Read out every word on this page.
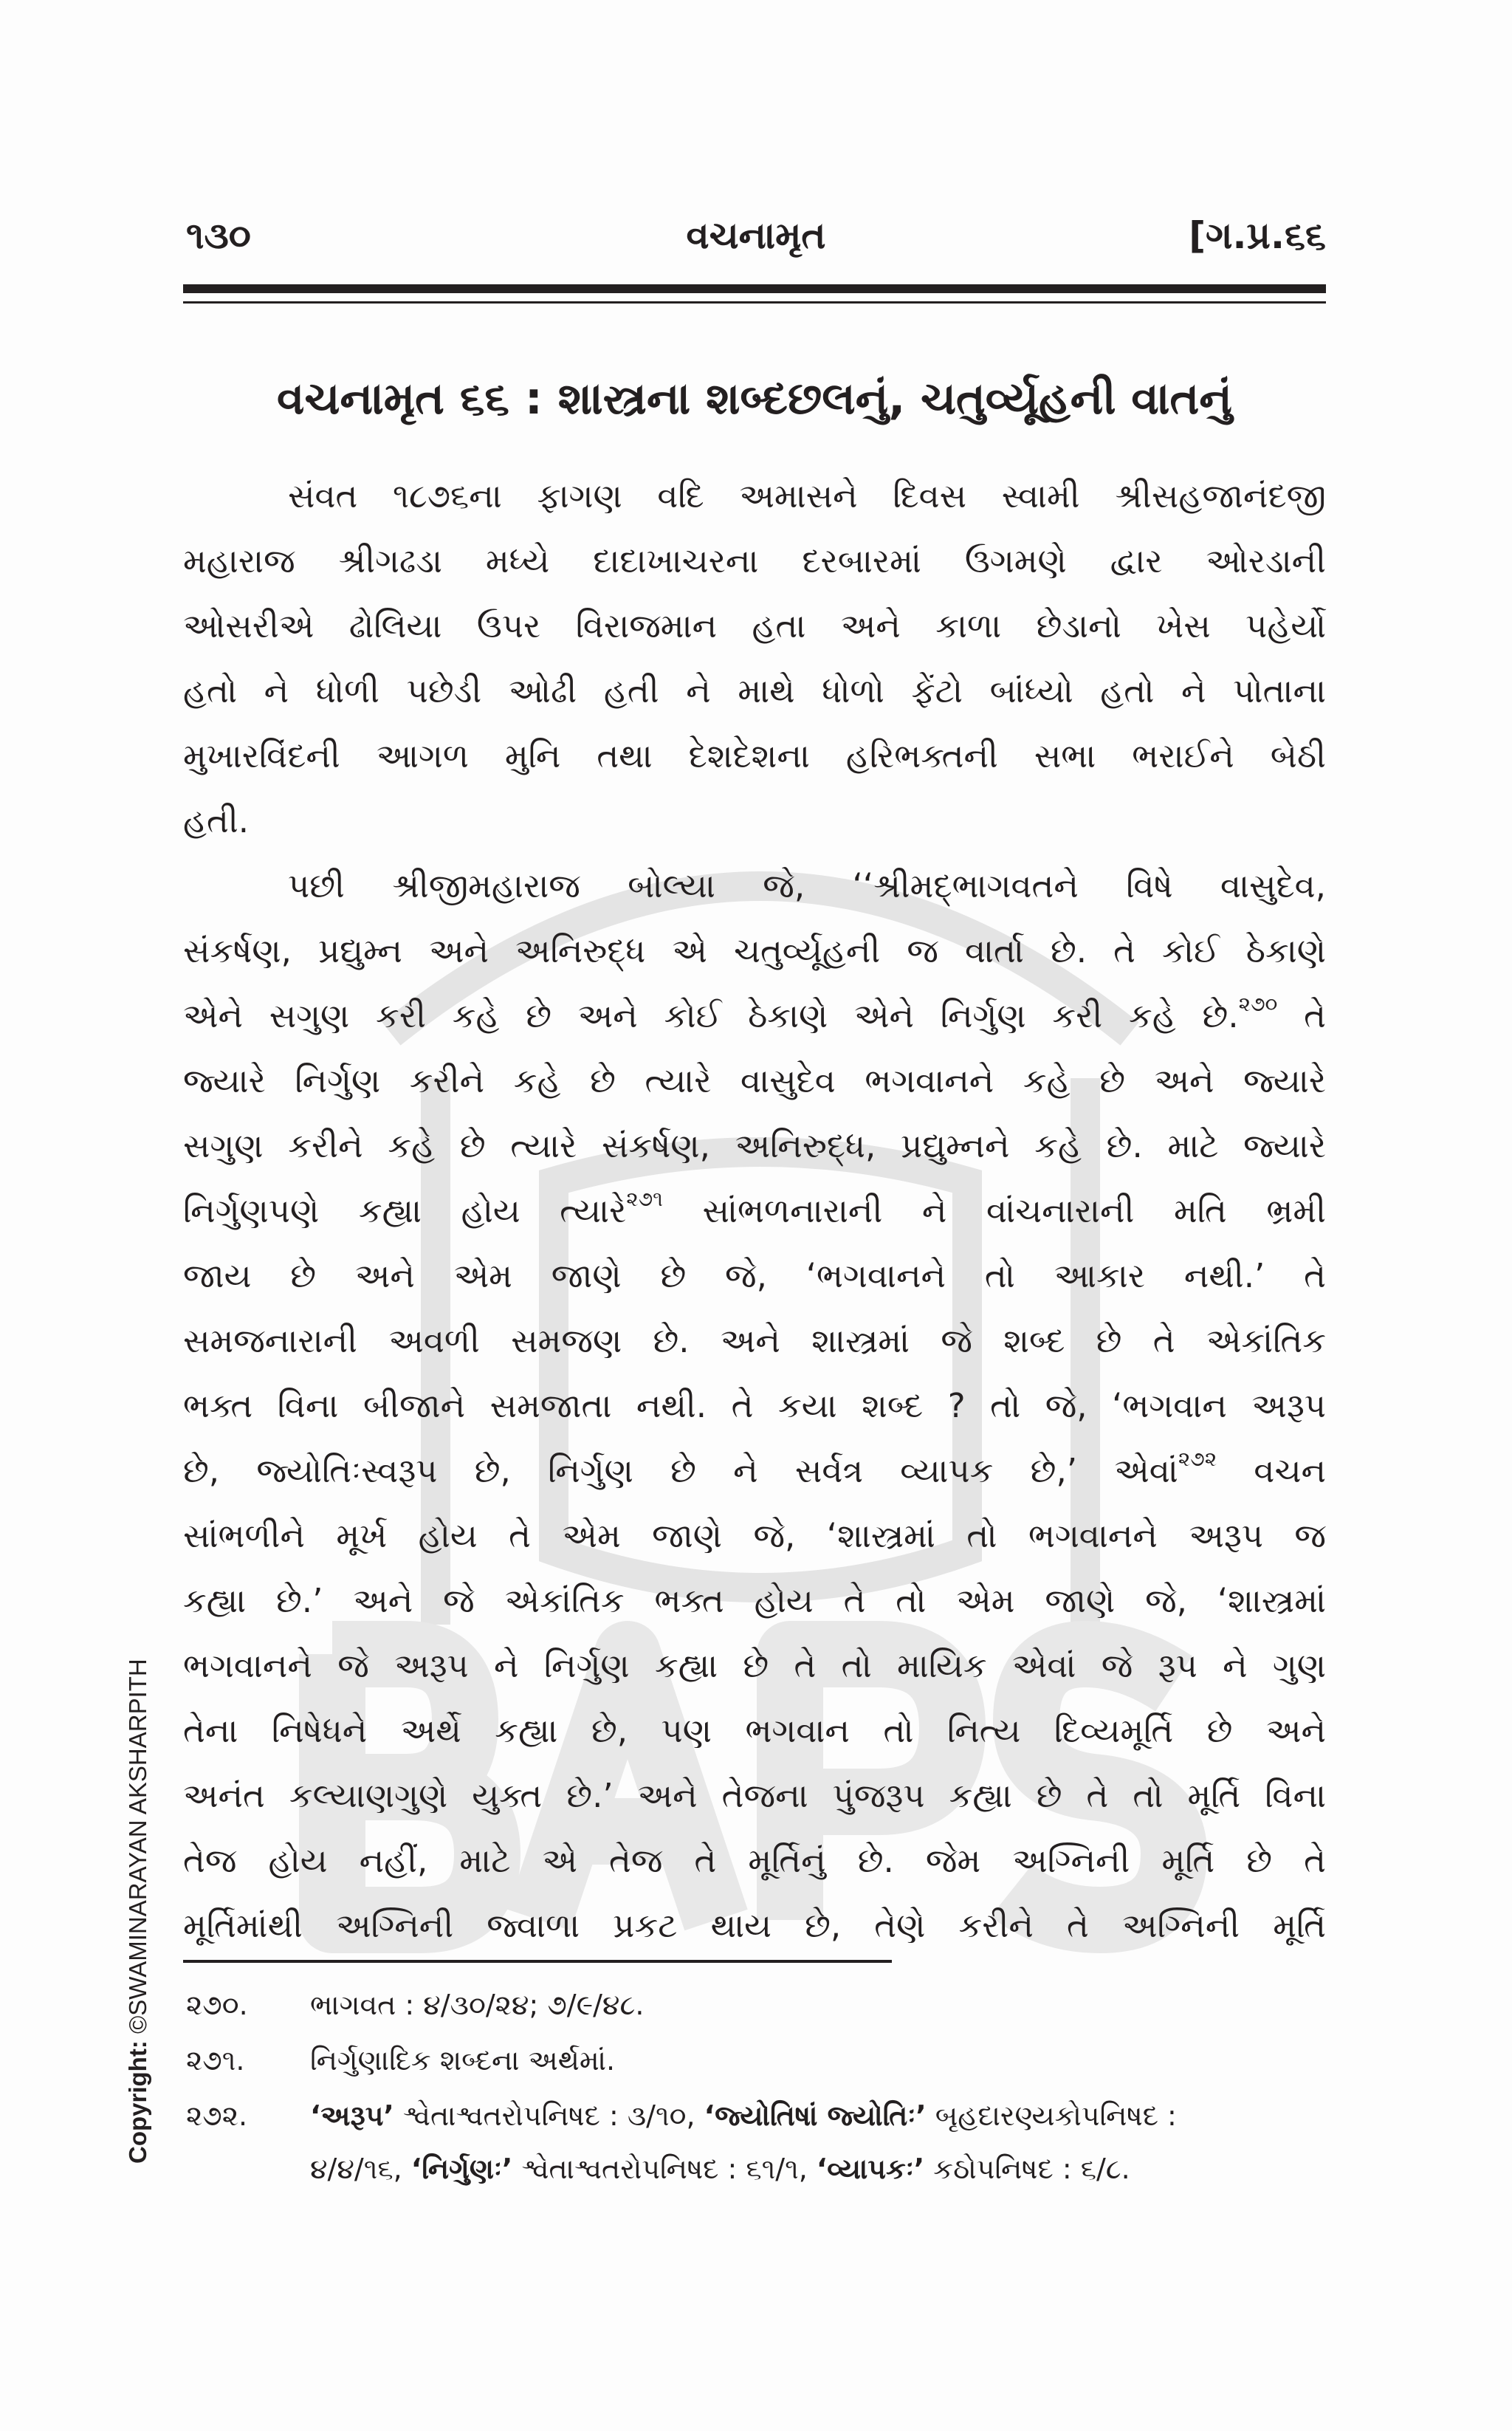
૧૩૦	વચનામૃત	[ગ.પ્ર.૬૬
વચનામૃત ૬૬ : શાસ્ત્રના શબ્દછલનું, ચતુર્વ્યૂહની વાતનું
સંવત ૧૮૭૬ના ફાગણ વદિ અમાસને દિવસ સ્વામી શ્રીસહજાનંદજી
મહારાજ શ્રીગઢડા મધ્યે દાદાખાચરના દરબારમાં ઉગમણે દ્વાર ઓરડાની
ઓસરીએ ઢોલિયા ઉપર વિરાજમાન હતા અને કાળા છેડાનો ખેસ પહેર્યો
હતો ને ધોળી પછેડી ઓઢી હતી ને માથે ધોળો ફેંટો બાંધ્યો હતો ને પોતાના
મુખારવિંદની આગળ મુનિ તથા દેશદેશના હરિભક્તની સભા ભરાઈને બેઠી
હતી.
પછી શ્રીજીમહારાજ બોલ્યા જે, ‘‘શ્રીમદ્‌ભાગવતને વિષે વાસુદેવ,
સંકર્ષણ, પ્રદ્યુમ્ન અને અનિરુદ્ધ એ ચતુર્વ્યૂહની જ વાર્તા છે. તે કોઈ ઠેકાણે
એને સગુણ કરી કહે છે અને કોઈ ઠેકાણે એને નિર્ગુણ કરી કહે છે.$^{૨૭૦}$ તે
જ્યારે નિર્ગુણ કરીને કહે છે ત્યારે વાસુદેવ ભગવાનને કહે છે અને જ્યારે
સગુણ કરીને કહે છે ત્યારે સંકર્ષણ, અનિરુદ્ધ, પ્રદ્યુમ્નને કહે છે. માટે જ્યારે
નિર્ગુણપણે કહ્યા હોય ત્યારે$^{૨૭૧}$ સાંભળનારાની ને વાંચનારાની મતિ ભ્રમી
જાય છે અને એમ જાણે છે જે, ‘ભગવાનને તો આકાર નથી.’ તે
સમજનારાની અવળી સમજણ છે. અને શાસ્ત્રમાં જે શબ્દ છે તે એકાંતિક
ભક્ત વિના બીજાને સમજાતા નથી. તે કયા શબ્દ ? તો જે, ‘ભગવાન અરૂપ
છે, જ્યોતિઃસ્વરૂપ છે, નિર્ગુણ છે ને સર્વત્ર વ્યાપક છે,’ એવાં$^{૨૭૨}$ વચન
સાંભળીને મૂર્ખ હોય તે એમ જાણે જે, ‘શાસ્ત્રમાં તો ભગવાનને અરૂપ જ
કહ્યા છે.’ અને જે એકાંતિક ભક્ત હોય તે તો એમ જાણે જે, ‘શાસ્ત્રમાં
ભગવાનને જે અરૂપ ને નિર્ગુણ કહ્યા છે તે તો માયિક એવાં જે રૂપ ને ગુણ
તેના નિષેધને અર્થે કહ્યા છે, પણ ભગવાન તો નિત્ય દિવ્યમૂર્તિ છે અને
અનંત કલ્યાણગુણે યુક્ત છે.’ અને તેજના પુંજરૂપ કહ્યા છે તે તો મૂર્તિ વિના
તેજ હોય નહીં, માટે એ તેજ તે મૂર્તિનું છે. જેમ અગ્નિની મૂર્તિ છે તે
મૂર્તિમાંથી અગ્નિની જ્વાળા પ્રકટ થાય છે, તેણે કરીને તે અગ્નિની મૂર્તિ
૨૭૦. ભાગવત : ૪/૩૦/૨૪; ૭/૯/૪૮.
૨૭૧. નિર્ગુણાદિક શબ્દના અર્થમાં.
૨૭૨. ‘અરૂપ’ શ્વેતાશ્વતરોપનિષદ : ૩/૧૦, ‘જ્યોતિષાં જ્યોતિઃ’ બૃહદારણ્યકોપનિષદ :
૪/૪/૧૬, ‘નિર્ગુણઃ’ શ્વેતાશ્વતરોપનિષદ : ૬૧/૧, ‘વ્યાપકઃ’ કઠોપનિષદ : ૬/૮.
Copyright: ©SWAMINARAYAN AKSHARPITH
